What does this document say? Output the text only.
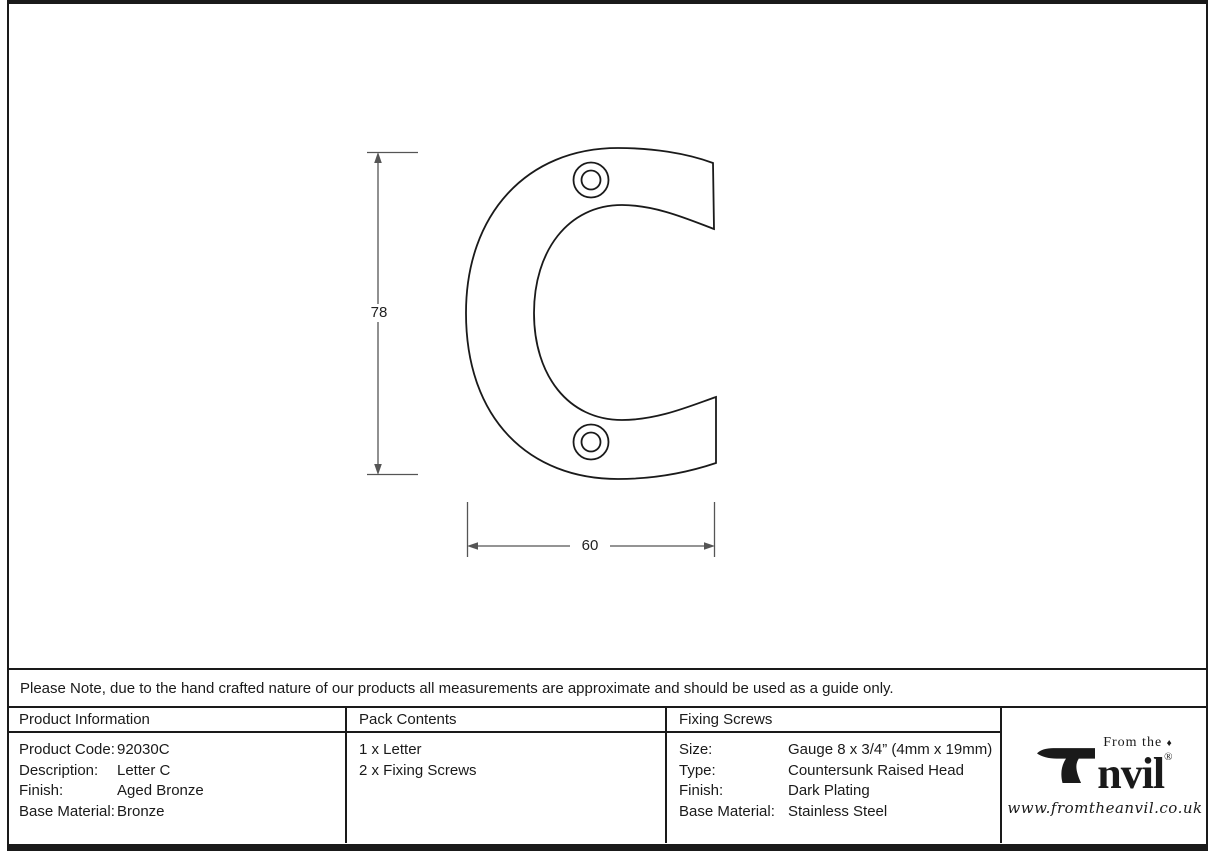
78
60
Please Note, due to the hand crafted nature of our products all measurements are approximate and should be used as a guide only.
Product Information
Product Code: 92030C
Description:	Letter C
Finish:	Aged Bronze
Base Material: Bronze
Pack Contents
1 x Letter
2 x Fixing Screws
Fixing Screws
Size:	Gauge 8 x 3/4” (4mm x 19mm)
Type:	Countersunk Raised Head
Finish:	Dark Plating
Base Material: Stainless Steel
From the ♦
nvil®
www.fromtheanvil.co.uk
